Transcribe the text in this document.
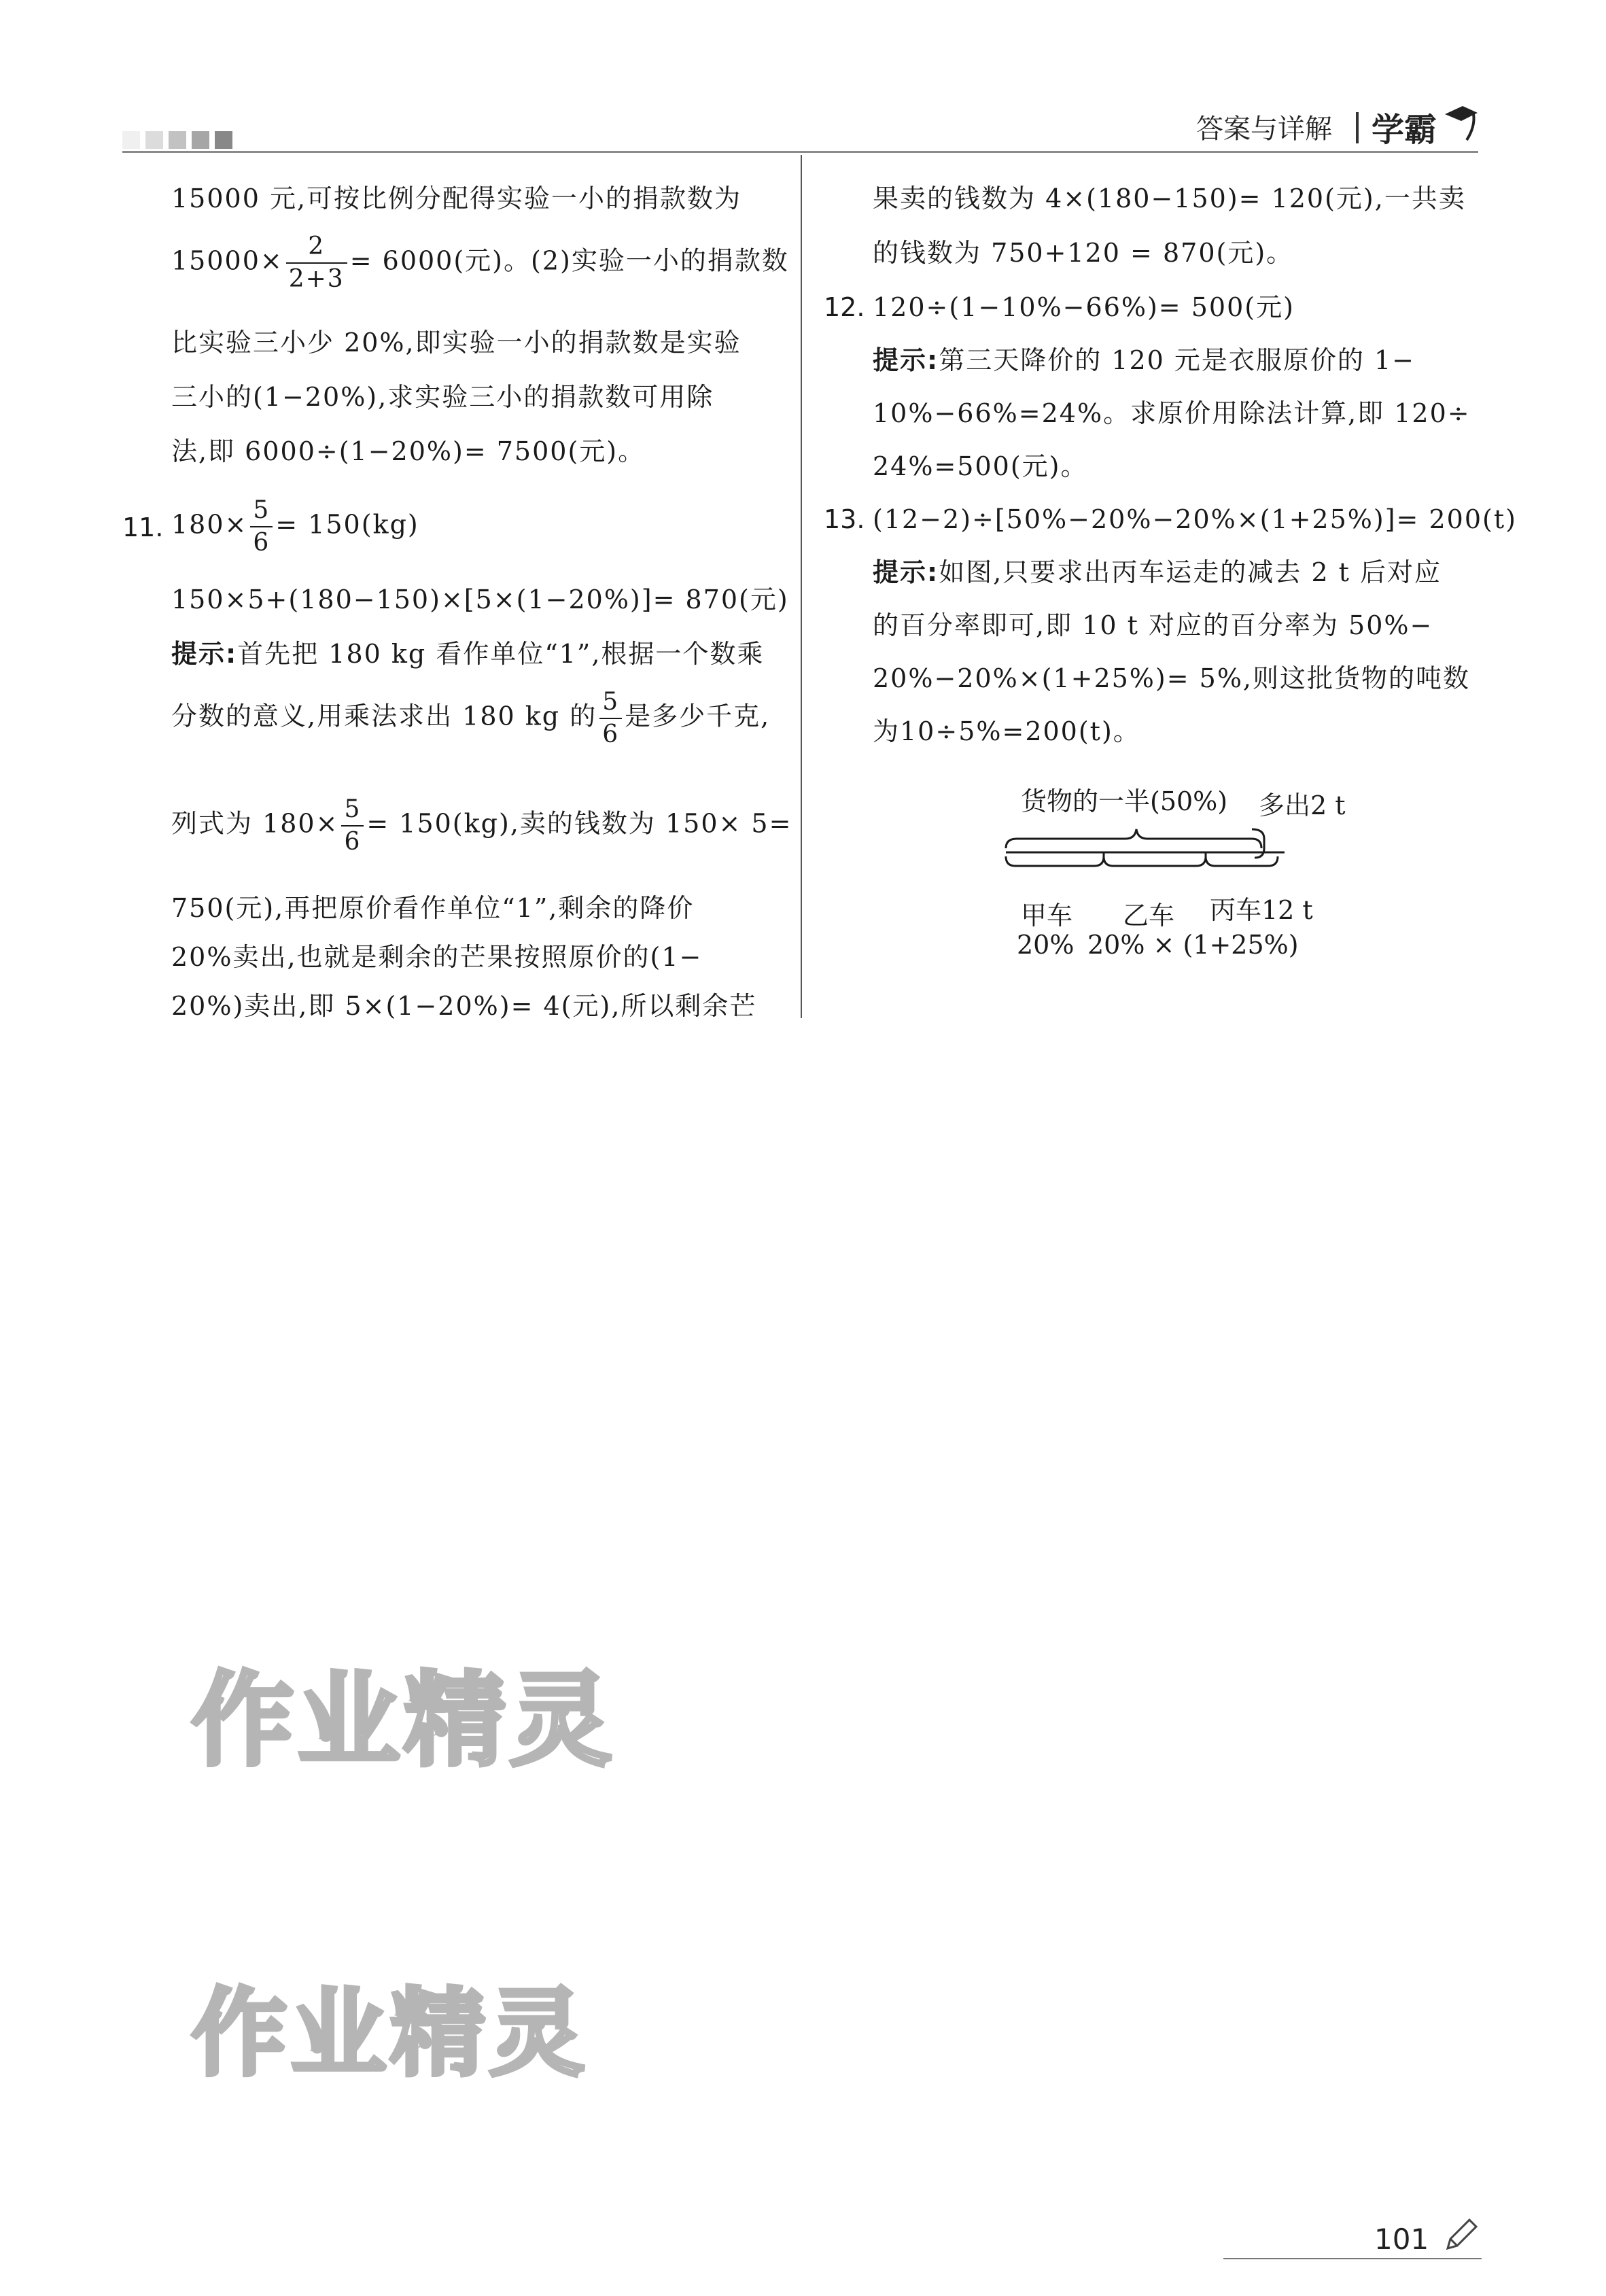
答案与详解 学霸
15000 元,可按比例分配得实验一小的捐款数为
$15000\times \frac{2}{2+3} = 6000$(元)。(2)实验一小的捐款数
比实验三小少 20%,即实验一小的捐款数是实验
三小的(1−20%),求实验三小的捐款数可用除
法,即 6000÷(1−20%)= 7500(元)。
11. $180\times \frac{5}{6} = 150(kg)$
150×5+(180−150)×[5×(1−20%)]= 870(元)
提示:首先把 180 kg 看作单位“1”,根据一个数乘
分数的意义,用乘法求出 180 kg 的 $\frac{5}{6}$ 是多少千克,
列式为 $180\times \frac{5}{6} = 150(kg)$,卖的钱数为 150× 5=
750(元),再把原价看作单位“1”,剩余的降价
20%卖出,也就是剩余的芒果按照原价的(1−
20%)卖出,即 5×(1−20%)= 4(元),所以剩余芒
果卖的钱数为 4×(180−150)= 120(元),一共卖
的钱数为 750+120 = 870(元)。
12. 120÷(1−10%−66%)= 500(元)
提示:第三天降价的 120 元是衣服原价的 1−
10%−66%=24%。求原价用除法计算,即 120÷
24%=500(元)。
13. (12−2)÷[50%−20%−20%×(1+25%)]= 200(t)
提示:如图,只要求出丙车运走的减去 2 t 后对应
的百分率即可,即 10 t 对应的百分率为 50%−
20%−20%×(1+25%)= 5%,则这批货物的吨数
为10÷5%=200(t)。
货物的一半(50%) 多出2 t
甲车 乙车 丙车12 t
20% 20% × (1+25%)
作业精灵
作业精灵
101
